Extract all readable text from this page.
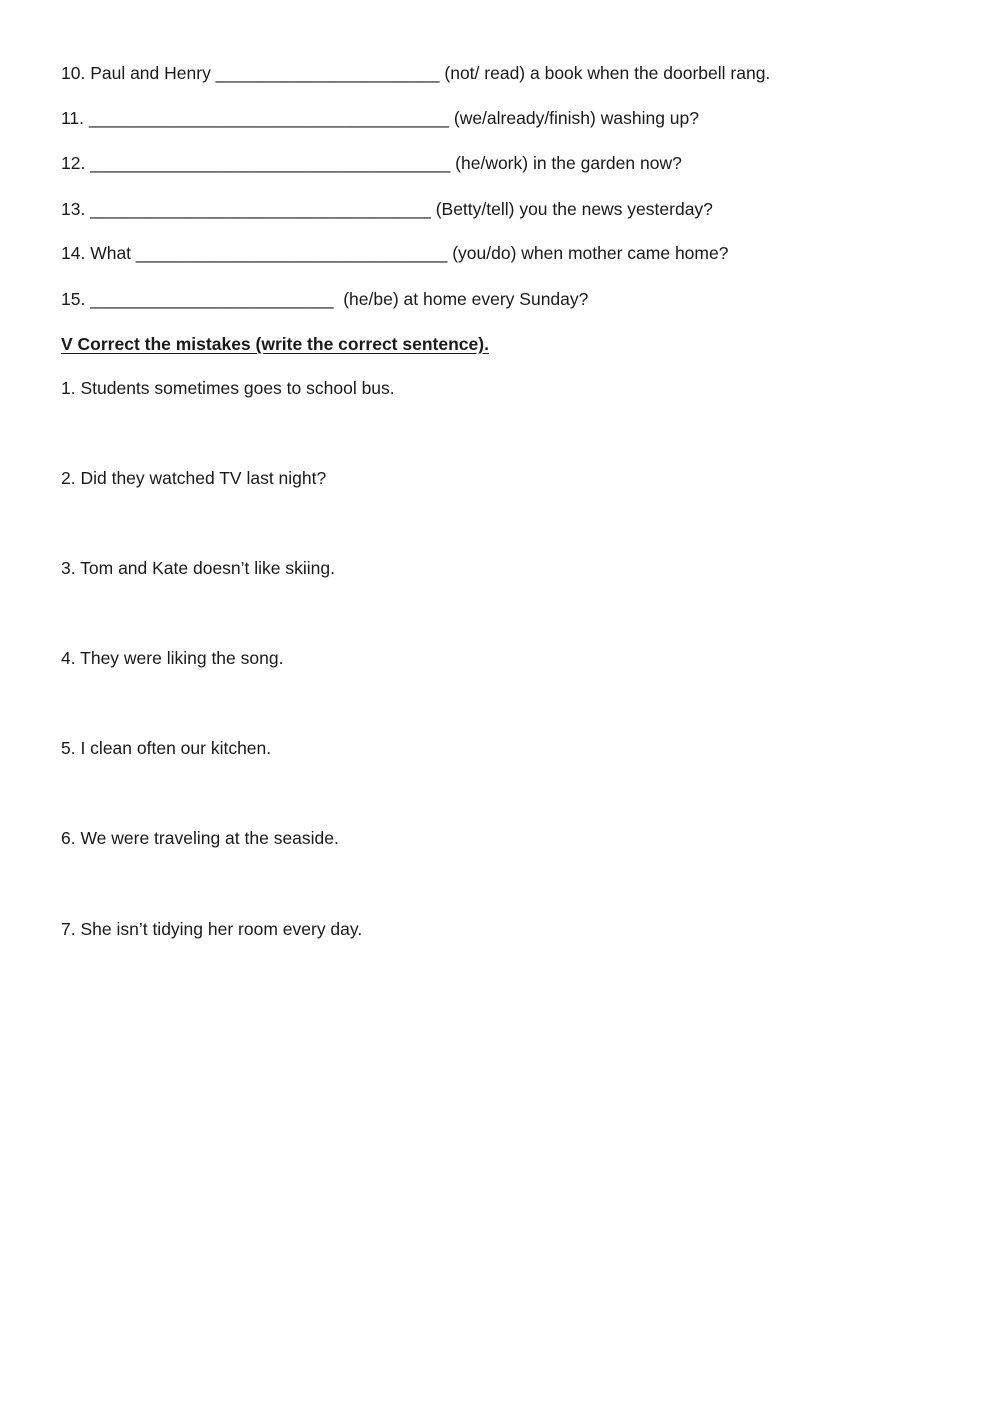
10. Paul and Henry _______________________ (not/ read) a book when the doorbell rang.
11. _____________________________________ (we/already/finish) washing up?
12. _____________________________________ (he/work) in the garden now?
13. ___________________________________ (Betty/tell) you the news yesterday?
14. What ________________________________ (you/do) when mother came home?
15. _________________________  (he/be) at home every Sunday?
V Correct the mistakes (write the correct sentence).
1. Students sometimes goes to school bus.
2. Did they watched TV last night?
3. Tom and Kate doesn’t like skiing.
4. They were liking the song.
5. I clean often our kitchen.
6. We were traveling at the seaside.
7. She isn’t tidying her room every day.
